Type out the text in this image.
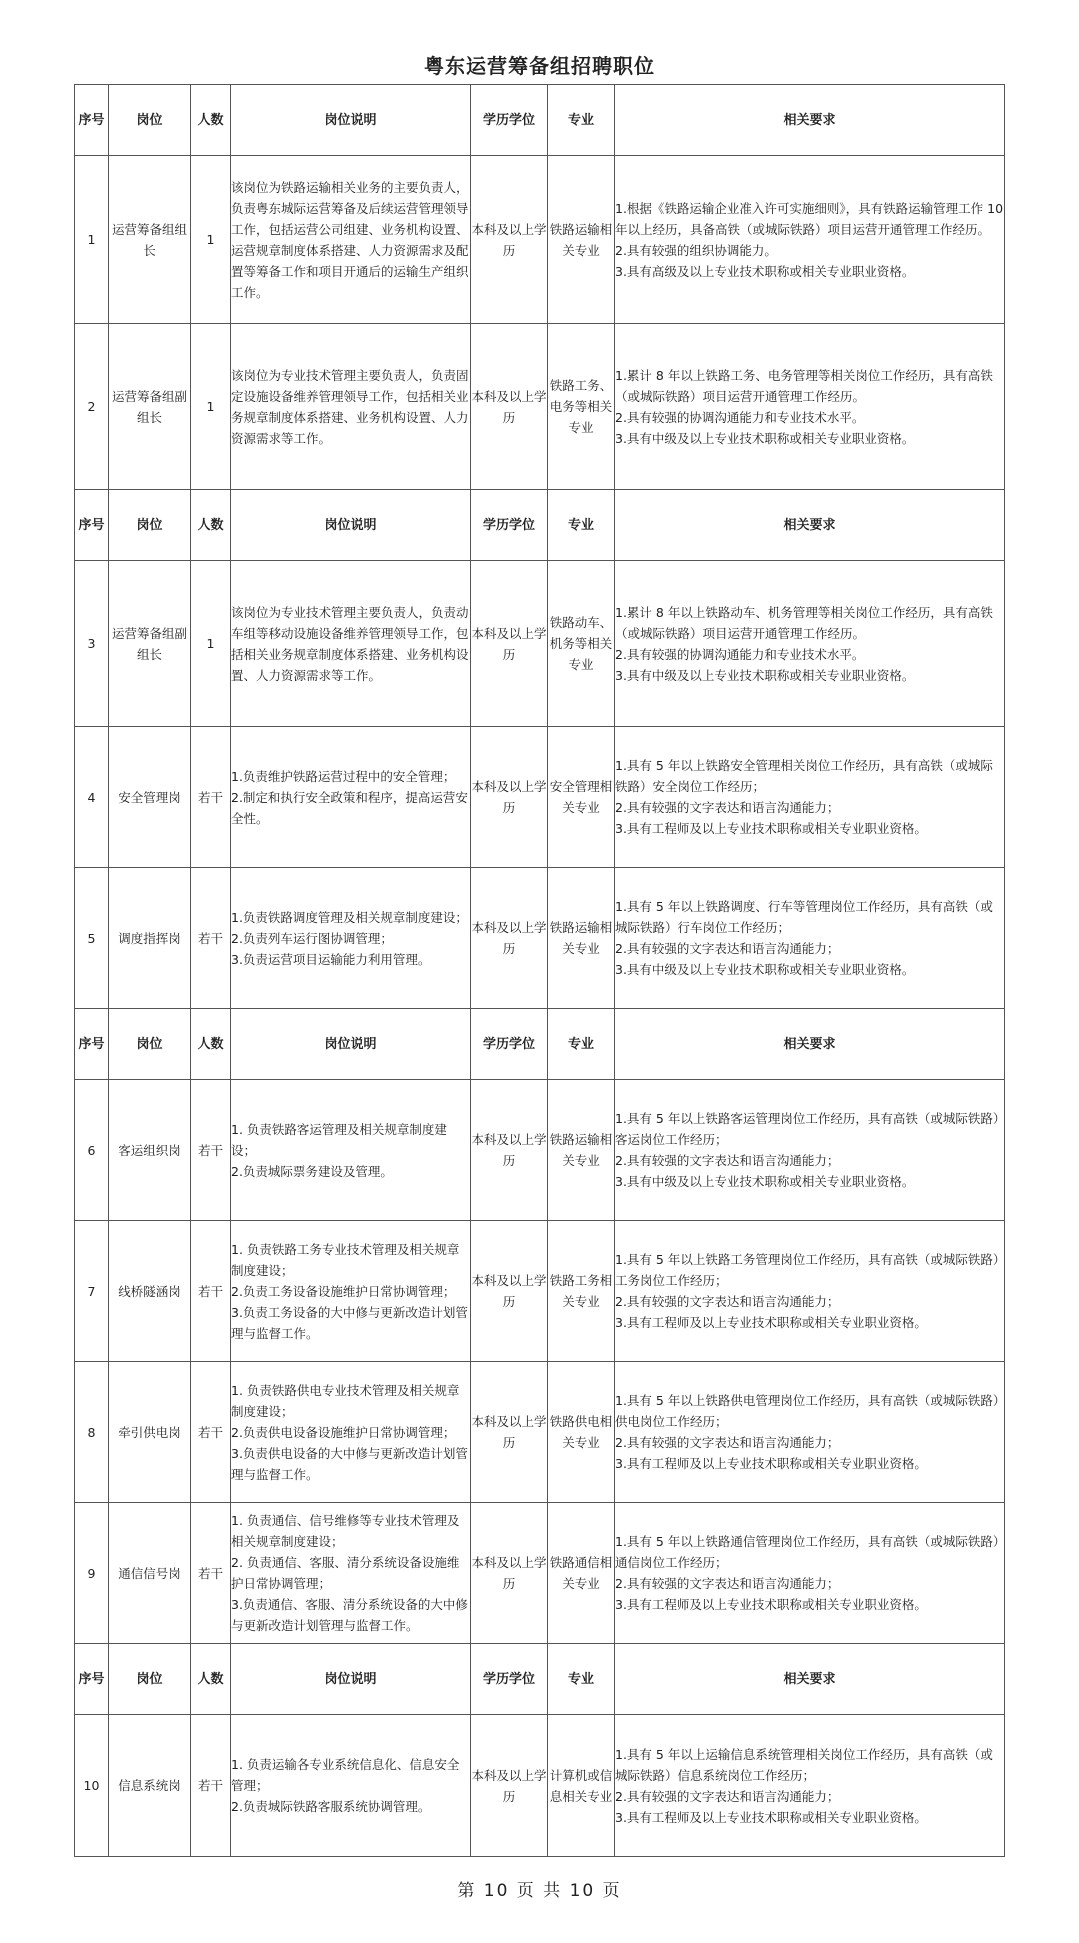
粤东运营筹备组招聘职位
序号	岗位	人数	岗位说明	学历学位	专业	相关要求
1	运营筹备组组长	1	该岗位为铁路运输相关业务的主要负责人，负责粤东城际运营筹备及后续运营管理领导工作，包括运营公司组建、业务机构设置、运营规章制度体系搭建、人力资源需求及配置等筹备工作和项目开通后的运输生产组织工作。	本科及以上学历	铁路运输相关专业	1.根据《铁路运输企业准入许可实施细则》，具有铁路运输管理工作 10 年以上经历，具备高铁（或城际铁路）项目运营开通管理工作经历。
2.具有较强的组织协调能力。
3.具有高级及以上专业技术职称或相关专业职业资格。

2	运营筹备组副组长	1	该岗位为专业技术管理主要负责人，负责固定设施设备维养管理领导工作，包括相关业务规章制度体系搭建、业务机构设置、人力资源需求等工作。	本科及以上学历	铁路工务、电务等相关专业	1.累计 8 年以上铁路工务、电务管理等相关岗位工作经历，具有高铁（或城际铁路）项目运营开通管理工作经历。
2.具有较强的协调沟通能力和专业技术水平。
3.具有中级及以上专业技术职称或相关专业职业资格。

序号	岗位	人数	岗位说明	学历学位	专业	相关要求
3	运营筹备组副组长	1	该岗位为专业技术管理主要负责人，负责动车组等移动设施设备维养管理领导工作，包括相关业务规章制度体系搭建、业务机构设置、人力资源需求等工作。	本科及以上学历	铁路动车、机务等相关专业	1.累计 8 年以上铁路动车、机务管理等相关岗位工作经历，具有高铁（或城际铁路）项目运营开通管理工作经历。
2.具有较强的协调沟通能力和专业技术水平。
3.具有中级及以上专业技术职称或相关专业职业资格。

4	安全管理岗	若干	1.负责维护铁路运营过程中的安全管理；
2.制定和执行安全政策和程序，提高运营安全性。	本科及以上学历	安全管理相关专业	1.具有 5 年以上铁路安全管理相关岗位工作经历，具有高铁（或城际铁路）安全岗位工作经历；
2.具有较强的文字表达和语言沟通能力；
3.具有工程师及以上专业技术职称或相关专业职业资格。

5	调度指挥岗	若干	1.负责铁路调度管理及相关规章制度建设；
2.负责列车运行图协调管理；
3.负责运营项目运输能力利用管理。	本科及以上学历	铁路运输相关专业	1.具有 5 年以上铁路调度、行车等管理岗位工作经历，具有高铁（或城际铁路）行车岗位工作经历；
2.具有较强的文字表达和语言沟通能力；
3.具有中级及以上专业技术职称或相关专业职业资格。

序号	岗位	人数	岗位说明	学历学位	专业	相关要求
6	客运组织岗	若干	1. 负责铁路客运管理及相关规章制度建设；
2.负责城际票务建设及管理。	本科及以上学历	铁路运输相关专业	1.具有 5 年以上铁路客运管理岗位工作经历，具有高铁（或城际铁路）客运岗位工作经历；
2.具有较强的文字表达和语言沟通能力；
3.具有中级及以上专业技术职称或相关专业职业资格。

7	线桥隧涵岗	若干	1. 负责铁路工务专业技术管理及相关规章制度建设；
2.负责工务设备设施维护日常协调管理；
3.负责工务设备的大中修与更新改造计划管理与监督工作。	本科及以上学历	铁路工务相关专业	1.具有 5 年以上铁路工务管理岗位工作经历，具有高铁（或城际铁路）工务岗位工作经历；
2.具有较强的文字表达和语言沟通能力；
3.具有工程师及以上专业技术职称或相关专业职业资格。

8	牵引供电岗	若干	1. 负责铁路供电专业技术管理及相关规章制度建设；
2.负责供电设备设施维护日常协调管理；
3.负责供电设备的大中修与更新改造计划管理与监督工作。	本科及以上学历	铁路供电相关专业	1.具有 5 年以上铁路供电管理岗位工作经历，具有高铁（或城际铁路）供电岗位工作经历；
2.具有较强的文字表达和语言沟通能力；
3.具有工程师及以上专业技术职称或相关专业职业资格。

9	通信信号岗	若干	1. 负责通信、信号维修等专业技术管理及相关规章制度建设；
2. 负责通信、客服、清分系统设备设施维护日常协调管理；
3.负责通信、客服、清分系统设备的大中修与更新改造计划管理与监督工作。	本科及以上学历	铁路通信相关专业	1.具有 5 年以上铁路通信管理岗位工作经历，具有高铁（或城际铁路）通信岗位工作经历；
2.具有较强的文字表达和语言沟通能力；
3.具有工程师及以上专业技术职称或相关专业职业资格。

序号	岗位	人数	岗位说明	学历学位	专业	相关要求
10	信息系统岗	若干	1. 负责运输各专业系统信息化、信息安全管理；
2.负责城际铁路客服系统协调管理。	本科及以上学历	计算机或信息相关专业	1.具有 5 年以上运输信息系统管理相关岗位工作经历，具有高铁（或城际铁路）信息系统岗位工作经历；
2.具有较强的文字表达和语言沟通能力；
3.具有工程师及以上专业技术职称或相关专业职业资格。
第 10 页 共 10 页
